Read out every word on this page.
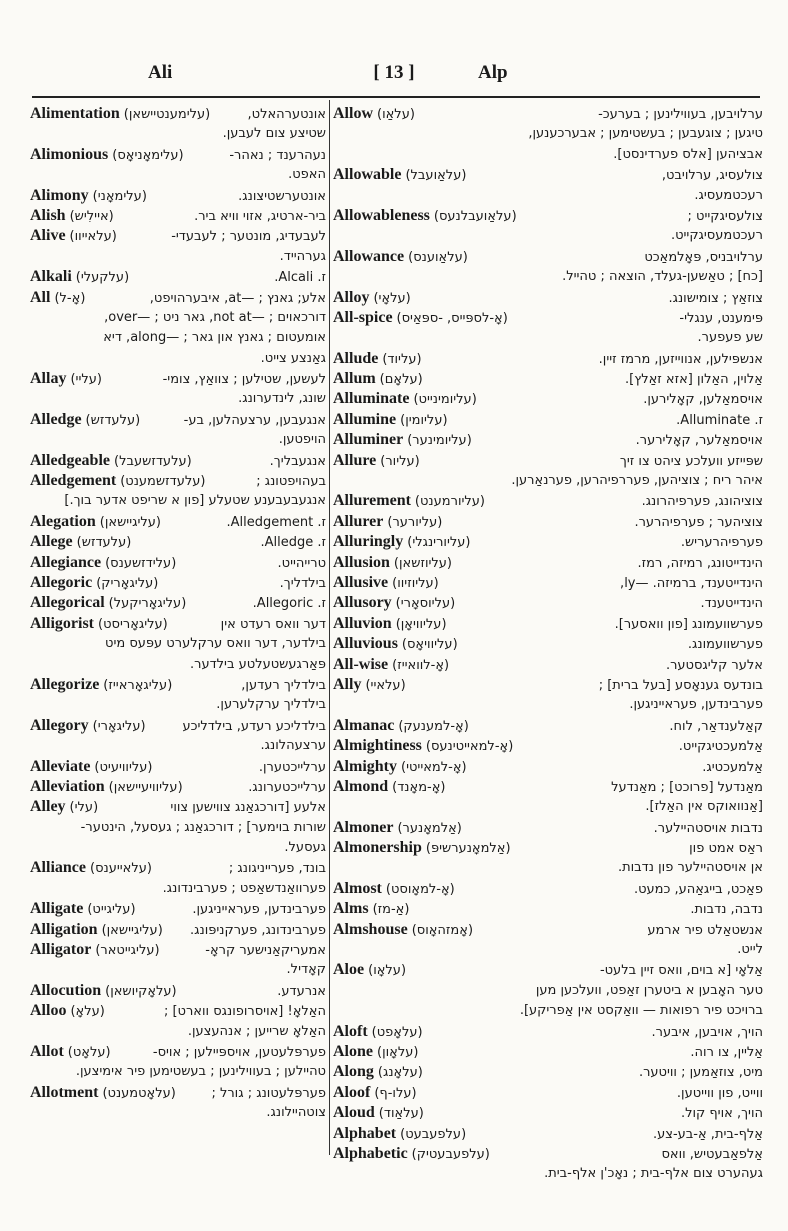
Ali	[ 13 ]	Alp
Alimentation (עלימענטיישאן)	אונטערהאלט,
שטיצע צום לעבען.
Alimonious (עלימאָניאָס)	נעהרענד ; נאהר-
האפט.
Alimony (עלימאָני)	אונטערשטיצונג.
Alish (איילִיש)	ביר-ארטיג, אזוי וויא ביר.
Alive (עלאייוו)	לעבעדיג, מונטער ; לעבעדי-
גערהייד.
Alkali (עלקעלי)	ז. Alcali.
All (אָ-ל)	אלע; גאנץ ; —at, איבערהויפט,
דורכאוים ; —not at, גאר ניט ; —over,
אומעטום ; גאנץ און גאר ; —along, דיא
גאַנצע צייט.
Allay (עליי)	לעשען, שטילען ; צוואַץ, צומי-
שונג, לינדערונג.
Alledge (עלעדזש)	אנגעבען, ערצעהלען, בע-
הויפטען.
Alledgeable (עלעדזשעבל)	אנגעבליך.
Alledgement (עלעדזשמענט)	בעהויפטונג ;
אנגעבעבענע שטעלע [פון א שריפט אדער בוך.]
Alegation (עליגיישאן)	ז. Alledgement.
Allege (עלעדזש)	ז. Alledge.
Allegiance (עלידזשענס)	טרייהייט.
Allegoric (עליגאָריק)	בילדליך.
Allegorical (עליגאָריקעל)	ז. Allegoric.
Alligorist (עליגאָריסט)	דער וואס רעדט אין
בילדער, דער וואס ערקלערט עפּעס מיט
פּאַרגעשטעלטע בילדער.
Allegorize (עליגאָראייז)	בילדליך רעדען,
בילדליך ערקלערען.
Allegory (עליגאָרי)	בילדליכע רעדע, בילדליכע
ערצעהלונג.
Alleviate (עליוויעיט)	ערלייכטערן.
Alleviation (עליוויעיישאן)	ערלייכטערונג.
Alley (עלי)	אלעע [דורכגאַנג צווישען צווי
שורות בוימער] ; דורכגאַנג ; געסעל, הינטער-
געסעל.
Alliance (עלאייענס)	בונד, פערייניגונג ;
פערוואַנדשאַפט ; פערבינדונג.
Alligate (עליגייט)	פערבינדען, פעראייניגען.
Alligation (עליגיישאן) פערבינדונג, פערקניפּונג.
Alligator (עליגייטאר)	אמעריקאַנישער קראָ-
קאָדיל.
Allocution (עלאָקיושאן)	אנרעדע.
Alloo (עלאָ)	האַלאָ! [אויסרופונגס ווארט] ;
האַלאָ שרייען ; אנהעצען.
Allot (עלאָט)	פערפּלעטען, אויספּיילען ; אויס-
טהיילען ; בעווילינען ; בעשטימען פיר אימיצען.
Allotment (עלאָטמענט)	פערפּלעטונג ; גורל ;
צוטהיילונג.
Allow (עלאַו)	ערלויבען, בעווילינען ; בערעכ-
טיגען ; צוגעבען ; בעשטימען ; אבערכענען,
אבציהען [אלס פערדינסט].
Allowable (עלאַועבל)	צולעסיג, ערלויבט,
רעכטמעסיג.
Allowableness (עלאַועבלנעס)	צולעסיגקייט ;
רעכטמעסיגקייט.
Allowance (עלאַוענס)	ערלויבניס, פּאָלמאַכט
[כח] ; טאַשען-געלד, הוצאה ; טהייל.
Alloy (עלאָי)	צוזאַץ ; צומישונג.
All-spice (אָ-לספּייס, -ספּאַיס)	פּימענט, ענגלי-
שע פעפער.
Allude (עליוד)	אנשפּילען, אנווייזען, מרמז זיין.
Allum (עלאָם)	אַלוין, האַלון [אזא זאַלץ].
Alluminate (עליומינייט)	אויסמאַלען, קאָלירען.
Allumine (עליומין)	ז. Alluminate.
Alluminer (עליומינער)	אויסמאַלער, קאָלירער.
Allure (עליור)	שפּייזע וועלכע ציהט צו זיך
איהר ריח ; צוציהען, פעררפיהרען, פערנאַרען.
Allurement (עליורמענט)	צוציהונג, פערפיהרונג.
Allurer (עליורער)	צוציהער ; פערפיהרער.
Alluringly (עליורינגלי)	פערפיהרעריש.
Allusion (עליוזשאן)	הינדייטונג, רמיזה, רמז.
Allusive (עליוזיוו)	הינדייטענד, ברמיזה. —ly,
Allusory (עליוסאָרי)	הינדייטענד.
Alluvion (עליוויאָן)	פערשוועמונג [פון וואסער].
Alluvious (עליוויאָס)	פערשוועמונג.
All-wise (אָ-לוואייז)	אלער קליגסטער.
Ally (עלאיי)	בונדעס גענאָסע [בעל ברית] ;
פערבינדען, פעראייניגען.
Almanac (אָ-למענעק)	קאַלענדאַר, לוח.
Almightiness (אָ-למאייטינעס)	אַלמעכטיגקייט.
Almighty (אָ-למאייטי)	אַלמעכטיג.
Almond (אָ-מאָנד)	מאַנדעל [פרוכט] ; מאַנדעל
[אַנוואוקס אין האַלז].
Almoner (אַלמאָנער)	נדבות אויסטהיילער.
Almonership (אַלמאָנערשיפּ)	ראַס אמט פון
אן אויסטהיילער פון נדבות.
Almost (אָ-למאָוסט)	פאַכט, בייגאַהע, כמעט.
Alms (אַ-מז)	נדבה, נדבות.
Almshouse (אָמזהאָוס)	אנשטאַלט פיר ארמע
לייט.
Aloe (עלאָו)	אַלאָי [א בוים, וואס זיין בלעט-
טער האָבען א ביטערן זאַפט, וועלכען מען
ברויכט פיר רפואות — וואַקסט אין אַפריקע].
Aloft (עלאָפט)	הויך, אויבען, איבער.
Alone (עלאָון)	אַליין, צו רוה.
Along (עלאָנג)	מיט, צוזאַמען ; וויטער.
Aloof (עלו-ף)	ווייט, פון ווייטען.
Aloud (עלאַוד)	הויך, אויף קול.
Alphabet (עלפעבעט)	אַלף-בית, אַ-בע-צע.
Alphabetic (עלפעבעטיק)	אַלפאַבעטיש, וואס
געהערט צום אלף-בית ; נאָכ'ן אלף-בית.
